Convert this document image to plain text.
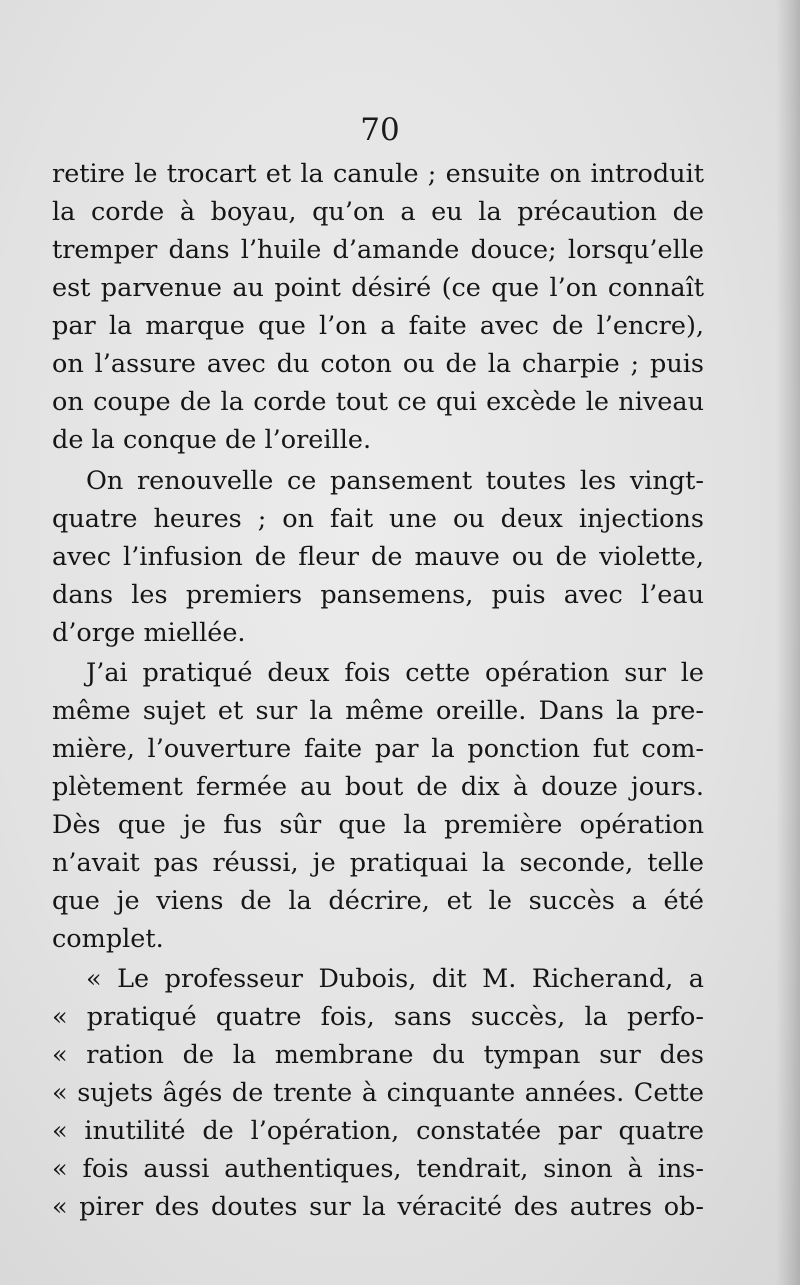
70
retire le trocart et la canule ; ensuite on introduit
la corde à boyau, qu’on a eu la précaution de
tremper dans l’huile d’amande douce; lorsqu’elle
est parvenue au point désiré (ce que l’on connaît
par la marque que l’on a faite avec de l’encre),
on l’assure avec du coton ou de la charpie ; puis
on coupe de la corde tout ce qui excède le niveau
de la conque de l’oreille.
On renouvelle ce pansement toutes les vingt-
quatre heures ; on fait une ou deux injections
avec l’infusion de fleur de mauve ou de violette,
dans les premiers pansemens, puis avec l’eau
d’orge miellée.
J’ai pratiqué deux fois cette opération sur le
même sujet et sur la même oreille. Dans la pre-
mière, l’ouverture faite par la ponction fut com-
plètement fermée au bout de dix à douze jours.
Dès que je fus sûr que la première opération
n’avait pas réussi, je pratiquai la seconde, telle
que je viens de la décrire, et le succès a été
complet.
« Le professeur Dubois, dit M. Richerand, a
« pratiqué quatre fois, sans succès, la perfo-
« ration de la membrane du tympan sur des
« sujets âgés de trente à cinquante années. Cette
« inutilité de l’opération, constatée par quatre
« fois aussi authentiques, tendrait, sinon à ins-
« pirer des doutes sur la véracité des autres ob-
